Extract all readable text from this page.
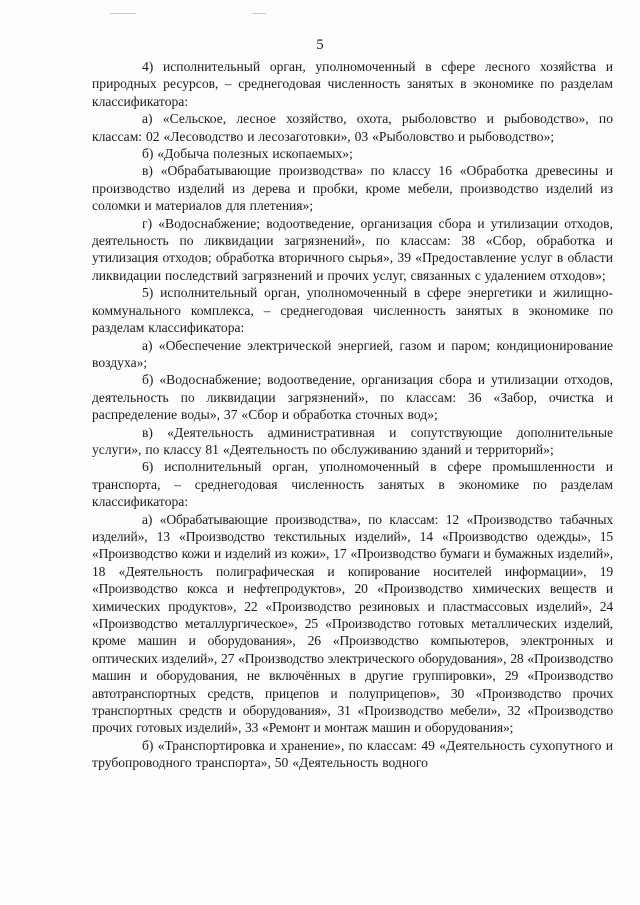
5

4) исполнительный орган, уполномоченный в сфере лесного хозяйства и природных ресурсов, – среднегодовая численность занятых в экономике по разделам классификатора:

а) «Сельское, лесное хозяйство, охота, рыболовство и рыбоводство», по классам: 02 «Лесоводство и лесозаготовки», 03 «Рыболовство и рыбоводство»;

б) «Добыча полезных ископаемых»;

в) «Обрабатывающие производства» по классу 16 «Обработка древесины и производство изделий из дерева и пробки, кроме мебели, производство изделий из соломки и материалов для плетения»;

г) «Водоснабжение; водоотведение, организация сбора и утилизации отходов, деятельность по ликвидации загрязнений», по классам: 38 «Сбор, обработка и утилизация отходов; обработка вторичного сырья», 39 «Предоставление услуг в области ликвидации последствий загрязнений и прочих услуг, связанных с удалением отходов»;

5) исполнительный орган, уполномоченный в сфере энергетики и жилищно-коммунального комплекса, – среднегодовая численность занятых в экономике по разделам классификатора:

а) «Обеспечение электрической энергией, газом и паром; кондиционирование воздуха»;

б) «Водоснабжение; водоотведение, организация сбора и утилизации отходов, деятельность по ликвидации загрязнений», по классам: 36 «Забор, очистка и распределение воды», 37 «Сбор и обработка сточных вод»;

в) «Деятельность административная и сопутствующие дополнительные услуги», по классу 81 «Деятельность по обслуживанию зданий и территорий»;

6) исполнительный орган, уполномоченный в сфере промышленности и транспорта, – среднегодовая численность занятых в экономике по разделам классификатора:

а) «Обрабатывающие производства», по классам: 12 «Производство табачных изделий», 13 «Производство текстильных изделий», 14 «Производство одежды», 15 «Производство кожи и изделий из кожи», 17 «Производство бумаги и бумажных изделий», 18 «Деятельность полиграфическая и копирование носителей информации», 19 «Производство кокса и нефтепродуктов», 20 «Производство химических веществ и химических продуктов», 22 «Производство резиновых и пластмассовых изделий», 24 «Производство металлургическое», 25 «Производство готовых металлических изделий, кроме машин и оборудования», 26 «Производство компьютеров, электронных и оптических изделий», 27 «Производство электрического оборудования», 28 «Производство машин и оборудования, не включённых в другие группировки», 29 «Производство автотранспортных средств, прицепов и полуприцепов», 30 «Производство прочих транспортных средств и оборудования», 31 «Производство мебели», 32 «Производство прочих готовых изделий», 33 «Ремонт и монтаж машин и оборудования»;

б) «Транспортировка и хранение», по классам: 49 «Деятельность сухопутного и трубопроводного транспорта», 50 «Деятельность водного
